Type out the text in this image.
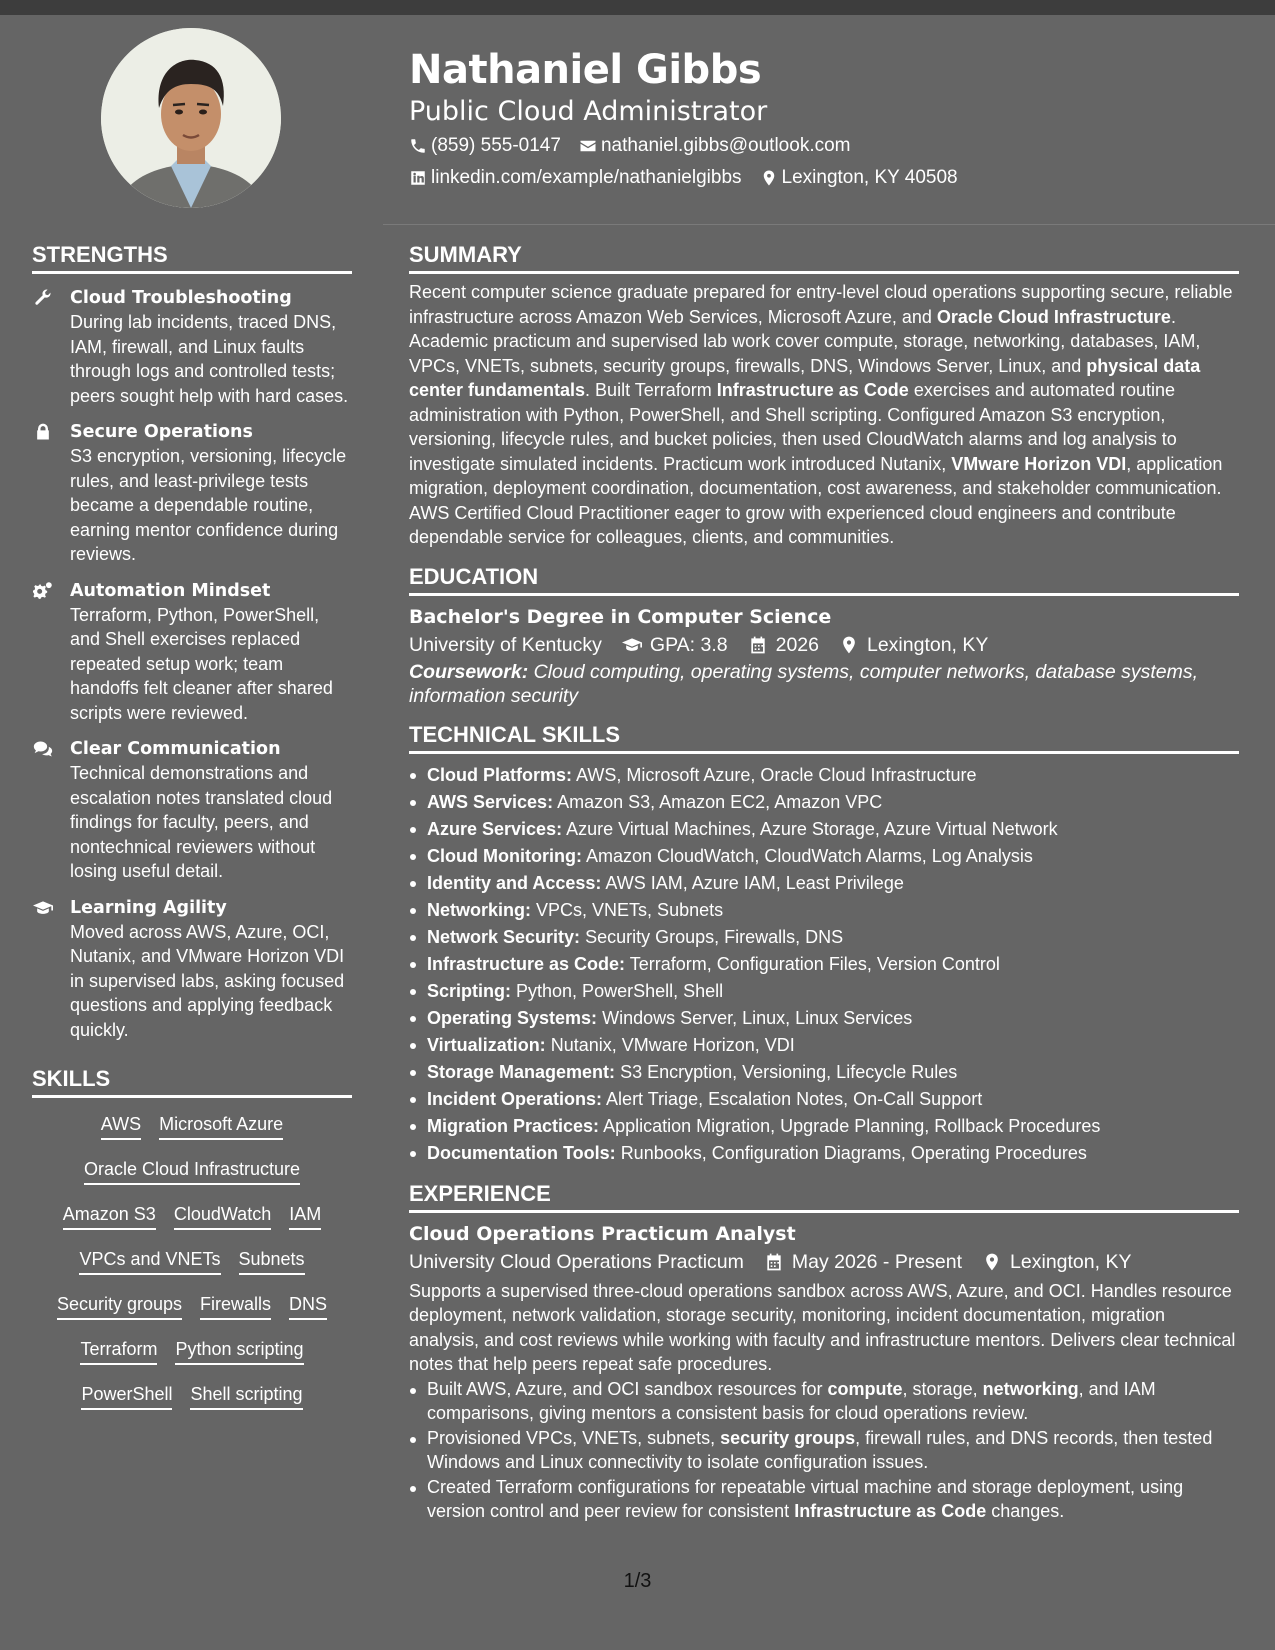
Nathaniel Gibbs
Public Cloud Administrator
(859) 555-0147 nathaniel.gibbs@outlook.com
linkedin.com/example/nathanielgibbs Lexington, KY 40508
STRENGTHS
Cloud Troubleshooting

During lab incidents, traced DNS, IAM, firewall, and Linux faults through logs and controlled tests; peers sought help with hard cases.

Secure Operations

S3 encryption, versioning, lifecycle rules, and least-privilege tests became a dependable routine, earning mentor confidence during reviews.

Automation Mindset

Terraform, Python, PowerShell, and Shell exercises replaced repeated setup work; team handoffs felt cleaner after shared scripts were reviewed.

Clear Communication

Technical demonstrations and escalation notes translated cloud findings for faculty, peers, and nontechnical reviewers without losing useful detail.

Learning Agility

Moved across AWS, Azure, OCI, Nutanix, and VMware Horizon VDI in supervised labs, asking focused questions and applying feedback quickly.

SKILLS
AWS Microsoft Azure
Oracle Cloud Infrastructure
Amazon S3 CloudWatch IAM
VPCs and VNETs Subnets
Security groups Firewalls DNS
Terraform Python scripting
PowerShell Shell scripting
SUMMARY

Recent computer science graduate prepared for entry-level cloud operations supporting secure, reliable infrastructure across Amazon Web Services, Microsoft Azure, and Oracle Cloud Infrastructure. Academic practicum and supervised lab work cover compute, storage, networking, databases, IAM, VPCs, VNETs, subnets, security groups, firewalls, DNS, Windows Server, Linux, and physical data center fundamentals. Built Terraform Infrastructure as Code exercises and automated routine administration with Python, PowerShell, and Shell scripting. Configured Amazon S3 encryption, versioning, lifecycle rules, and bucket policies, then used CloudWatch alarms and log analysis to investigate simulated incidents. Practicum work introduced Nutanix, VMware Horizon VDI, application migration, deployment coordination, documentation, cost awareness, and stakeholder communication. AWS Certified Cloud Practitioner eager to grow with experienced cloud engineers and contribute dependable service for colleagues, clients, and communities.

EDUCATION
Bachelor's Degree in Computer Science
University of Kentucky GPA: 3.8 2026 Lexington, KY
Coursework: Cloud computing, operating systems, computer networks, database systems, information security
TECHNICAL SKILLS
Cloud Platforms: AWS, Microsoft Azure, Oracle Cloud Infrastructure
AWS Services: Amazon S3, Amazon EC2, Amazon VPC
Azure Services: Azure Virtual Machines, Azure Storage, Azure Virtual Network
Cloud Monitoring: Amazon CloudWatch, CloudWatch Alarms, Log Analysis
Identity and Access: AWS IAM, Azure IAM, Least Privilege
Networking: VPCs, VNETs, Subnets
Network Security: Security Groups, Firewalls, DNS
Infrastructure as Code: Terraform, Configuration Files, Version Control
Scripting: Python, PowerShell, Shell
Operating Systems: Windows Server, Linux, Linux Services
Virtualization: Nutanix, VMware Horizon, VDI
Storage Management: S3 Encryption, Versioning, Lifecycle Rules
Incident Operations: Alert Triage, Escalation Notes, On-Call Support
Migration Practices: Application Migration, Upgrade Planning, Rollback Procedures
Documentation Tools: Runbooks, Configuration Diagrams, Operating Procedures
EXPERIENCE
Cloud Operations Practicum Analyst
University Cloud Operations Practicum May 2026 - Present Lexington, KY

Supports a supervised three-cloud operations sandbox across AWS, Azure, and OCI. Handles resource deployment, network validation, storage security, monitoring, incident documentation, migration analysis, and cost reviews while working with faculty and infrastructure mentors. Delivers clear technical notes that help peers repeat safe procedures.

Built AWS, Azure, and OCI sandbox resources for compute, storage, networking, and IAM comparisons, giving mentors a consistent basis for cloud operations review.
Provisioned VPCs, VNETs, subnets, security groups, firewall rules, and DNS records, then tested Windows and Linux connectivity to isolate configuration issues.
Created Terraform configurations for repeatable virtual machine and storage deployment, using version control and peer review for consistent Infrastructure as Code changes.
1/3
